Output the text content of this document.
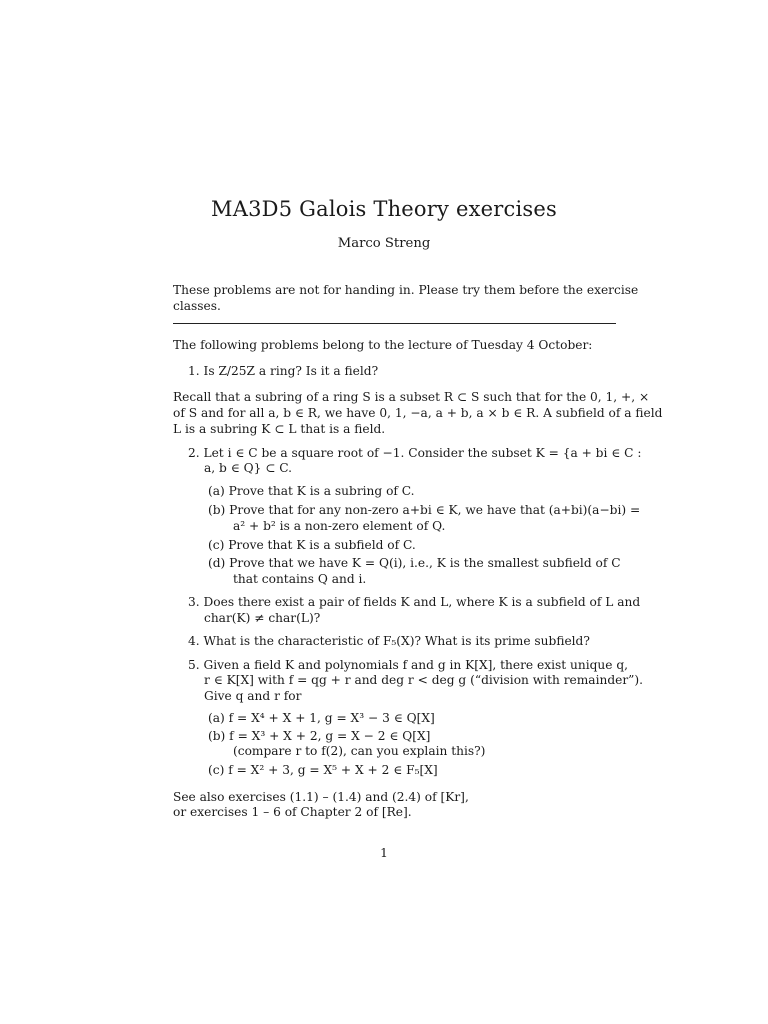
MA3D5 Galois Theory exercises
Marco Streng
These problems are not for handing in. Please try them before the exercise
classes.
The following problems belong to the lecture of Tuesday 4 October:
1. Is Z/25Z a ring? Is it a field?
Recall that a subring of a ring S is a subset R ⊂ S such that for the 0, 1, +, ×
of S and for all a, b ∈ R, we have 0, 1, −a, a + b, a × b ∈ R. A subfield of a field
L is a subring K ⊂ L that is a field.
2. Let i ∈ C be a square root of −1. Consider the subset K = {a + bi ∈ C :
a, b ∈ Q} ⊂ C.
(a) Prove that K is a subring of C.
(b) Prove that for any non-zero a+bi ∈ K, we have that (a+bi)(a−bi) =
a² + b² is a non-zero element of Q.
(c) Prove that K is a subfield of C.
(d) Prove that we have K = Q(i), i.e., K is the smallest subfield of C
that contains Q and i.
3. Does there exist a pair of fields K and L, where K is a subfield of L and
char(K) ≠ char(L)?
4. What is the characteristic of F₅(X)? What is its prime subfield?
5. Given a field K and polynomials f and g in K[X], there exist unique q,
r ∈ K[X] with f = qg + r and deg r < deg g (“division with remainder”).
Give q and r for
(a) f = X⁴ + X + 1, g = X³ − 3 ∈ Q[X]
(b) f = X³ + X + 2, g = X − 2 ∈ Q[X]
(compare r to f(2), can you explain this?)
(c) f = X² + 3, g = X⁵ + X + 2 ∈ F₅[X]
See also exercises (1.1) – (1.4) and (2.4) of [Kr],
or exercises 1 – 6 of Chapter 2 of [Re].
1
